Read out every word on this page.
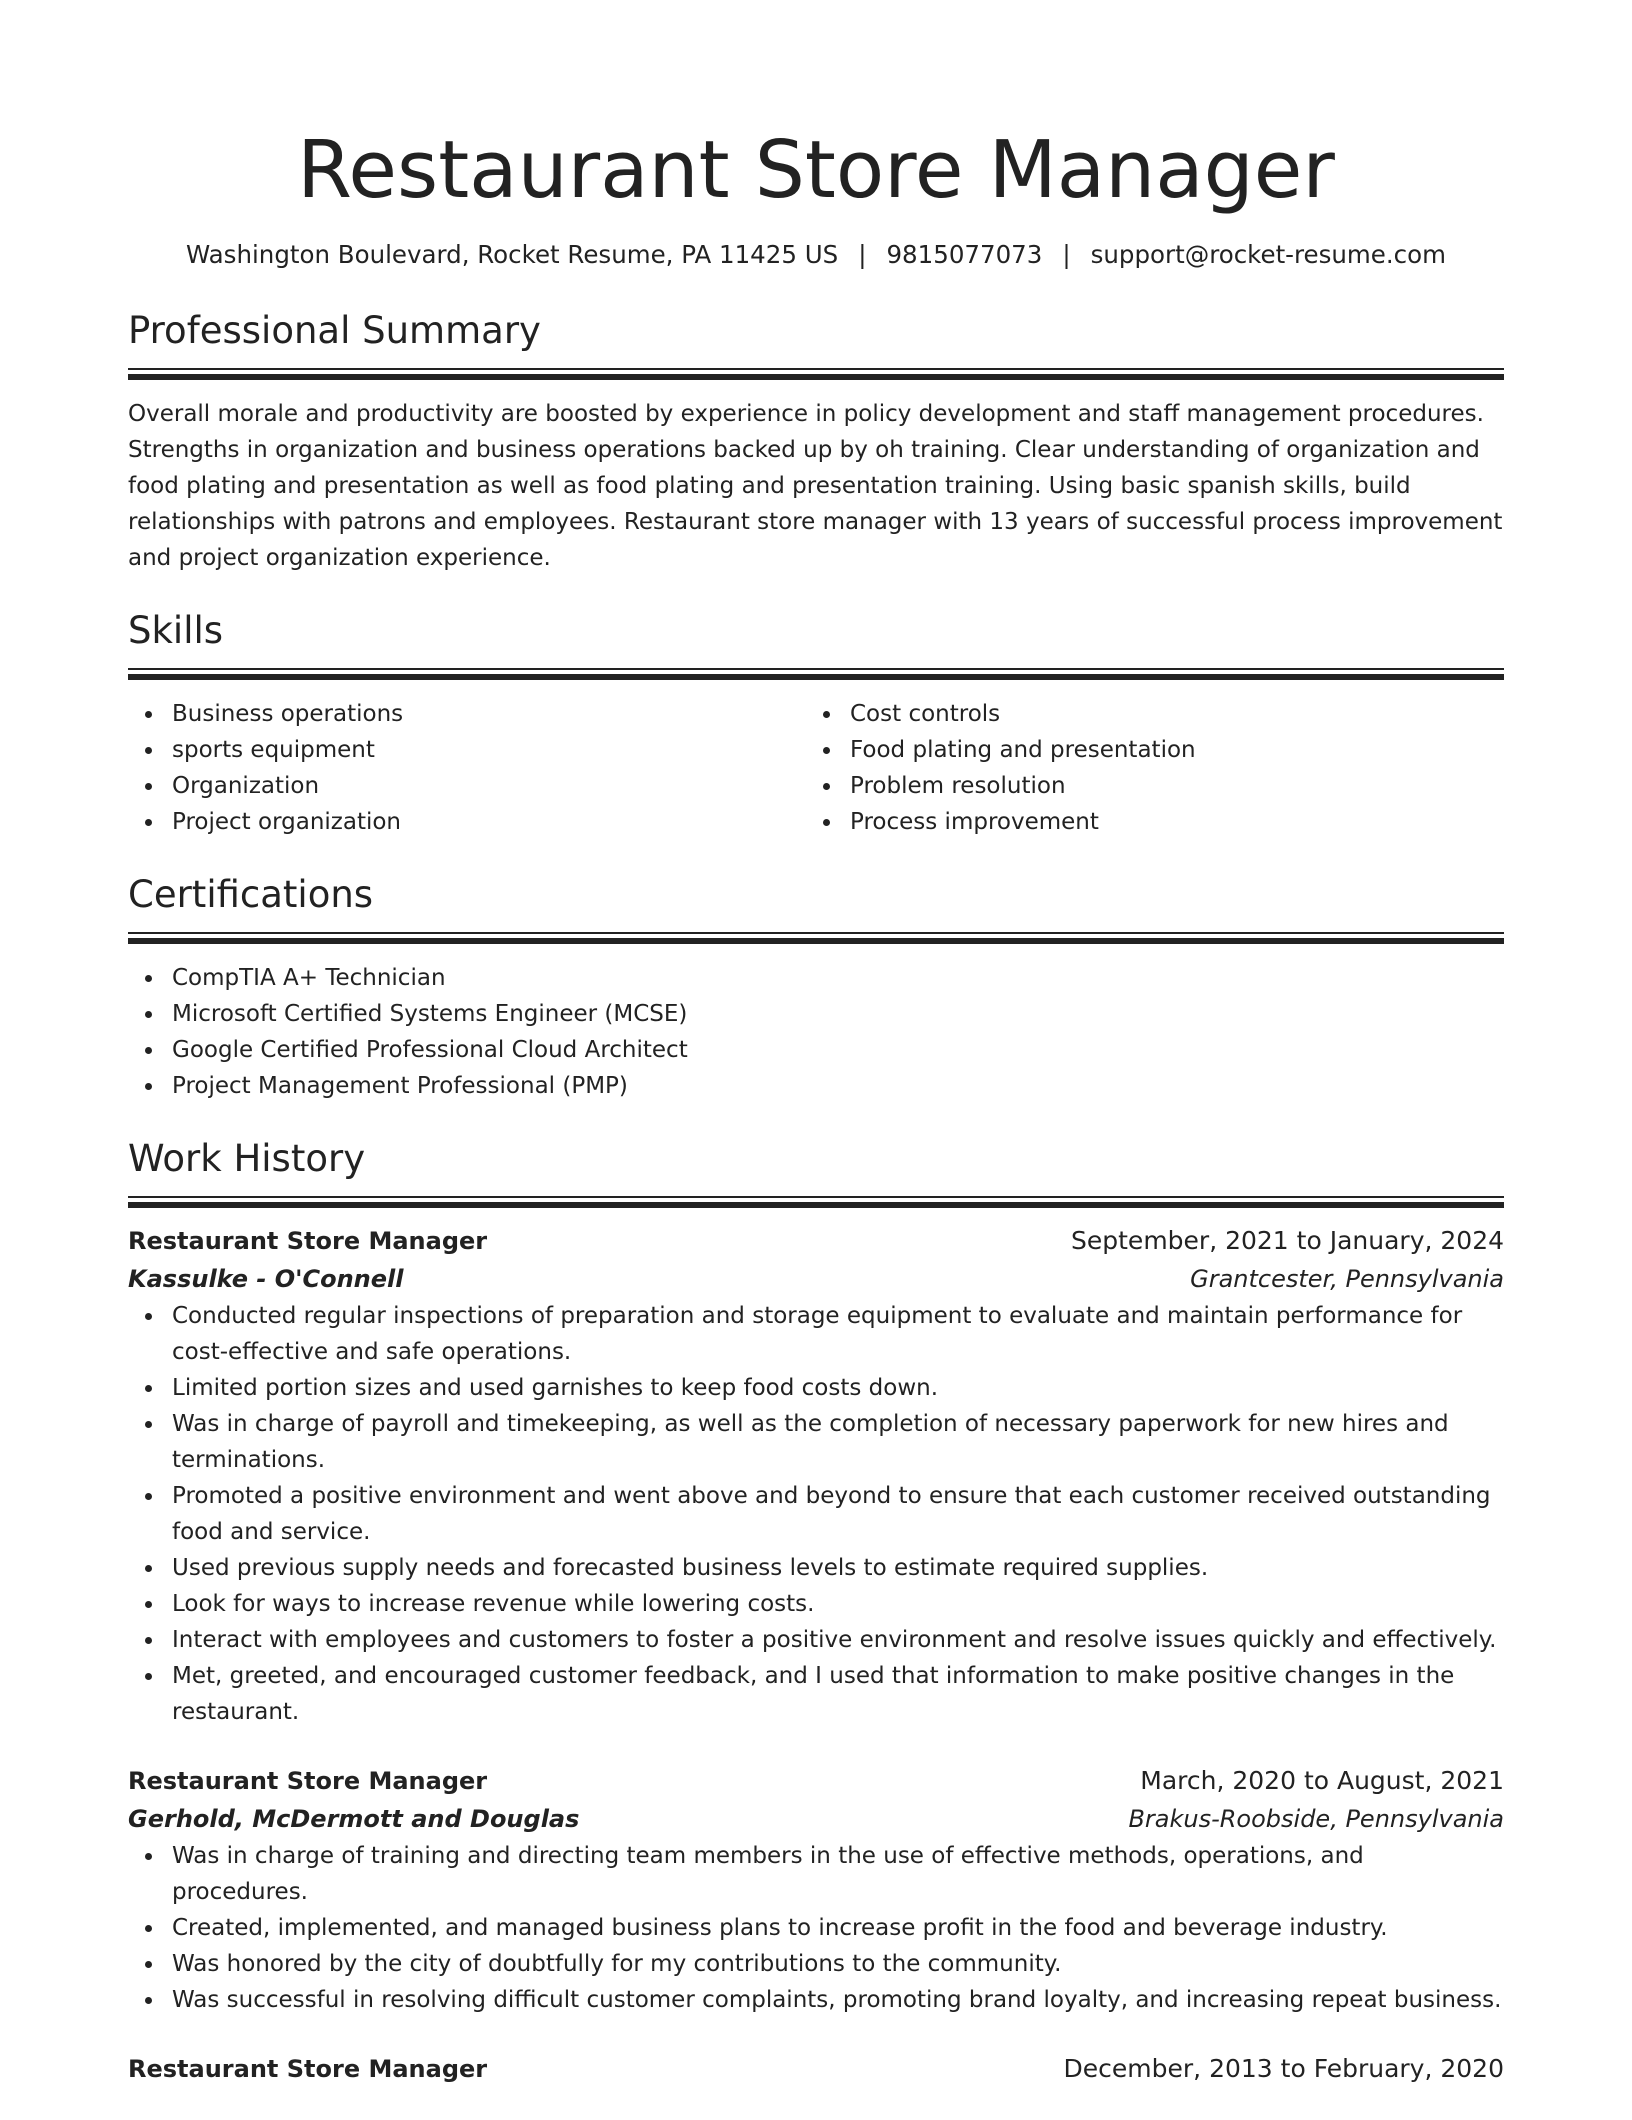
Restaurant Store Manager
Washington Boulevard, Rocket Resume, PA 11425 US | 9815077073 | support@rocket-resume.com
Professional Summary

Overall morale and productivity are boosted by experience in policy development and staff management procedures. Strengths in organization and business operations backed up by oh training. Clear understanding of organization and food plating and presentation as well as food plating and presentation training. Using basic spanish skills, build relationships with patrons and employees. Restaurant store manager with 13 years of successful process improvement and project organization experience.

Skills
Business operations
sports equipment
Organization
Project organization
Cost controls
Food plating and presentation
Problem resolution
Process improvement
Certifications
CompTIA A+ Technician
Microsoft Certified Systems Engineer (MCSE)
Google Certified Professional Cloud Architect
Project Management Professional (PMP)
Work History
Restaurant Store Manager	September, 2021 to January, 2024
Kassulke - O'Connell	Grantcester, Pennsylvania
Conducted regular inspections of preparation and storage equipment to evaluate and maintain performance for cost-effective and safe operations.
Limited portion sizes and used garnishes to keep food costs down.
Was in charge of payroll and timekeeping, as well as the completion of necessary paperwork for new hires and terminations.
Promoted a positive environment and went above and beyond to ensure that each customer received outstanding food and service.
Used previous supply needs and forecasted business levels to estimate required supplies.
Look for ways to increase revenue while lowering costs.
Interact with employees and customers to foster a positive environment and resolve issues quickly and effectively.
Met, greeted, and encouraged customer feedback, and I used that information to make positive changes in the restaurant.
Restaurant Store Manager	March, 2020 to August, 2021
Gerhold, McDermott and Douglas	Brakus-Roobside, Pennsylvania
Was in charge of training and directing team members in the use of effective methods, operations, and procedures.
Created, implemented, and managed business plans to increase profit in the food and beverage industry.
Was honored by the city of doubtfully for my contributions to the community.
Was successful in resolving difficult customer complaints, promoting brand loyalty, and increasing repeat business.
Restaurant Store Manager	December, 2013 to February, 2020
